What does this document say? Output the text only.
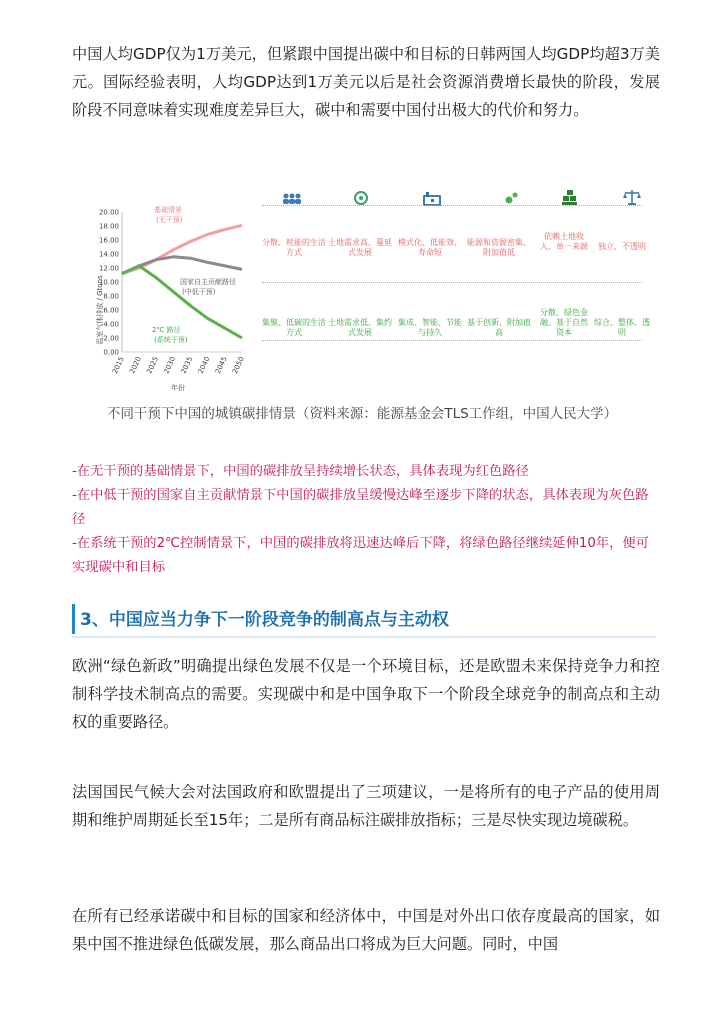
中国人均GDP仅为1万美元，但紧跟中国提出碳中和目标的日韩两国人均GDP均超3万美元。国际经验表明，人均GDP达到1万美元以后是社会资源消费增长最快的阶段，发展阶段不同意味着实现难度差异巨大，碳中和需要中国付出极大的代价和努力。
温室气体排放 / Gtons
年份
20.00
18.00
16.00
14.00
12.00
10.00
8.00
6.00
4.00
2.00
0.00
2015 2020 2025 2030 2035 2040 2045 2050
基础情景
(无干预)
国家自主贡献路径
(中低干预)
2℃ 路径
(系统干预)
分散、耗能的生活方式
土地需求高、蔓延式发展
模式化、低能效、寿命短
能源和资源密集、附加值低
依赖土地收入、单一来源	独立、不透明
集聚、低碳的生活方式
土地需求低、集约式发展
集成、智能、节能与持久
基于创新、附加值高
分散、绿色金融、基于自然资本
综合、整体、透明
不同干预下中国的城镇碳排情景（资料来源：能源基金会TLS工作组，中国人民大学）
-在无干预的基础情景下，中国的碳排放呈持续增长状态，具体表现为红色路径
-在中低干预的国家自主贡献情景下中国的碳排放呈缓慢达峰至逐步下降的状态，具体表现为灰色路径
-在系统干预的2℃控制情景下，中国的碳排放将迅速达峰后下降，将绿色路径继续延伸10年，便可实现碳中和目标
3、中国应当力争下一阶段竞争的制高点与主动权
欧洲“绿色新政”明确提出绿色发展不仅是一个环境目标，还是欧盟未来保持竞争力和控制科学技术制高点的需要。实现碳中和是中国争取下一个阶段全球竞争的制高点和主动权的重要路径。
法国国民气候大会对法国政府和欧盟提出了三项建议，一是将所有的电子产品的使用周期和维护周期延长至15年；二是所有商品标注碳排放指标；三是尽快实现边境碳税。
在所有已经承诺碳中和目标的国家和经济体中，中国是对外出口依存度最高的国家，如果中国不推进绿色低碳发展，那么商品出口将成为巨大问题。同时，中国
